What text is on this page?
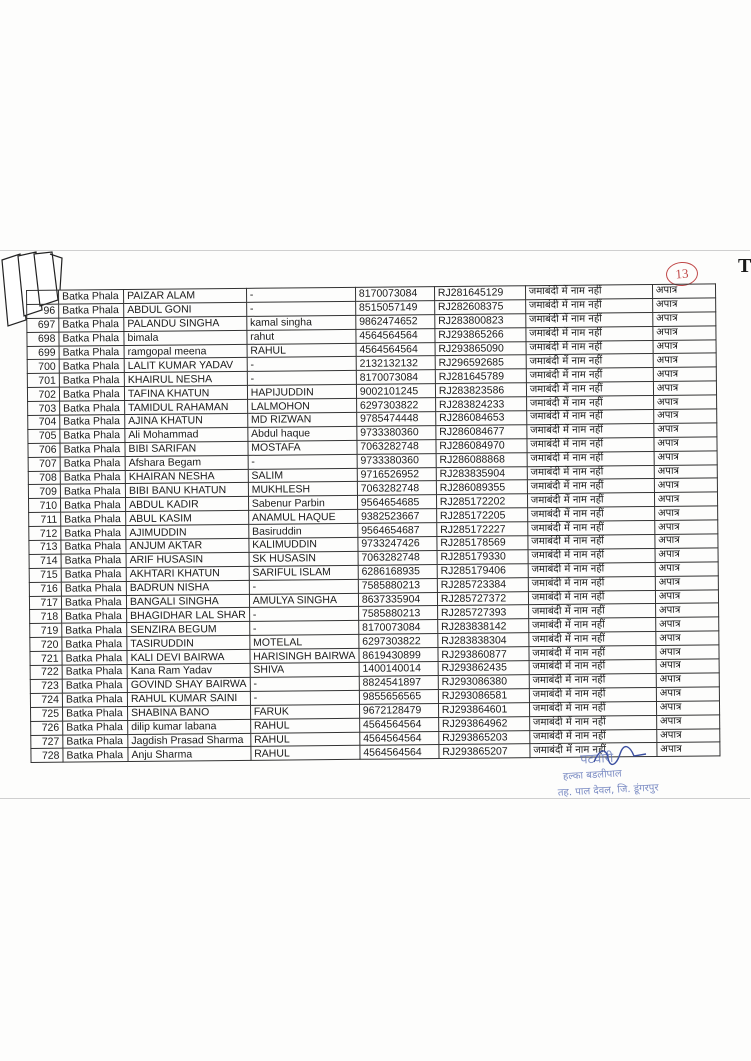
13	T
	Batka Phala	PAIZAR ALAM	-	8170073084	RJ281645129	जमाबंदी में नाम नहीं	अपात्र
96	Batka Phala	ABDUL GONI	-	8515057149	RJ282608375	जमाबंदी में नाम नहीं	अपात्र
697	Batka Phala	PALANDU SINGHA	kamal singha	9862474652	RJ283800823	जमाबंदी में नाम नहीं	अपात्र
698	Batka Phala	bimala	rahut	4564564564	RJ293865266	जमाबंदी में नाम नहीं	अपात्र
699	Batka Phala	ramgopal meena	RAHUL	4564564564	RJ293865090	जमाबंदी में नाम नहीं	अपात्र
700	Batka Phala	LALIT KUMAR YADAV	-	2132132132	RJ296592685	जमाबंदी में नाम नहीं	अपात्र
701	Batka Phala	KHAIRUL NESHA	-	8170073084	RJ281645789	जमाबंदी में नाम नहीं	अपात्र
702	Batka Phala	TAFINA KHATUN	HAPIJUDDIN	9002101245	RJ283823586	जमाबंदी में नाम नहीं	अपात्र
703	Batka Phala	TAMIDUL RAHAMAN	LALMOHON	6297303822	RJ283824233	जमाबंदी में नाम नहीं	अपात्र
704	Batka Phala	AJINA KHATUN	MD RIZWAN	9785474448	RJ286084653	जमाबंदी में नाम नहीं	अपात्र
705	Batka Phala	Ali Mohammad	Abdul haque	9733380360	RJ286084677	जमाबंदी में नाम नहीं	अपात्र
706	Batka Phala	BIBI SARIFAN	MOSTAFA	7063282748	RJ286084970	जमाबंदी में नाम नहीं	अपात्र
707	Batka Phala	Afshara Begam	-	9733380360	RJ286088868	जमाबंदी में नाम नहीं	अपात्र
708	Batka Phala	KHAIRAN NESHA	SALIM	9716526952	RJ283835904	जमाबंदी में नाम नहीं	अपात्र
709	Batka Phala	BIBI BANU KHATUN	MUKHLESH	7063282748	RJ286089355	जमाबंदी में नाम नहीं	अपात्र
710	Batka Phala	ABDUL KADIR	Sabenur Parbin	9564654685	RJ285172202	जमाबंदी में नाम नहीं	अपात्र
711	Batka Phala	ABUL KASIM	ANAMUL HAQUE	9382523667	RJ285172205	जमाबंदी में नाम नहीं	अपात्र
712	Batka Phala	AJIMUDDIN	Basiruddin	9564654687	RJ285172227	जमाबंदी में नाम नहीं	अपात्र
713	Batka Phala	ANJUM AKTAR	KALIMUDDIN	9733247426	RJ285178569	जमाबंदी में नाम नहीं	अपात्र
714	Batka Phala	ARIF HUSASIN	SK HUSASIN	7063282748	RJ285179330	जमाबंदी में नाम नहीं	अपात्र
715	Batka Phala	AKHTARI KHATUN	SARIFUL ISLAM	6286168935	RJ285179406	जमाबंदी में नाम नहीं	अपात्र
716	Batka Phala	BADRUN NISHA	-	7585880213	RJ285723384	जमाबंदी में नाम नहीं	अपात्र
717	Batka Phala	BANGALI SINGHA	AMULYA SINGHA	8637335904	RJ285727372	जमाबंदी में नाम नहीं	अपात्र
718	Batka Phala	BHAGIDHAR LAL SHAR	-	7585880213	RJ285727393	जमाबंदी में नाम नहीं	अपात्र
719	Batka Phala	SENZIRA BEGUM	-	8170073084	RJ283838142	जमाबंदी में नाम नहीं	अपात्र
720	Batka Phala	TASIRUDDIN	MOTELAL	6297303822	RJ283838304	जमाबंदी में नाम नहीं	अपात्र
721	Batka Phala	KALI DEVI BAIRWA	HARISINGH BAIRWA	8619430899	RJ293860877	जमाबंदी में नाम नहीं	अपात्र
722	Batka Phala	Kana Ram Yadav	SHIVA	1400140014	RJ293862435	जमाबंदी में नाम नहीं	अपात्र
723	Batka Phala	GOVIND SHAY BAIRWA	-	8824541897	RJ293086380	जमाबंदी में नाम नहीं	अपात्र
724	Batka Phala	RAHUL KUMAR SAINI	-	9855656565	RJ293086581	जमाबंदी में नाम नहीं	अपात्र
725	Batka Phala	SHABINA BANO	FARUK	9672128479	RJ293864601	जमाबंदी में नाम नहीं	अपात्र
726	Batka Phala	dilip kumar labana	RAHUL	4564564564	RJ293864962	जमाबंदी में नाम नहीं	अपात्र
727	Batka Phala	Jagdish Prasad Sharma	RAHUL	4564564564	RJ293865203	जमाबंदी में नाम नहीं	अपात्र
728	Batka Phala	Anju Sharma	RAHUL	4564564564	RJ293865207	जमाबंदी में नाम नहीं	अपात्र
पटवारी
हल्का बडलीपाल
तह. पाल देवल, जि. डूंगरपुर
